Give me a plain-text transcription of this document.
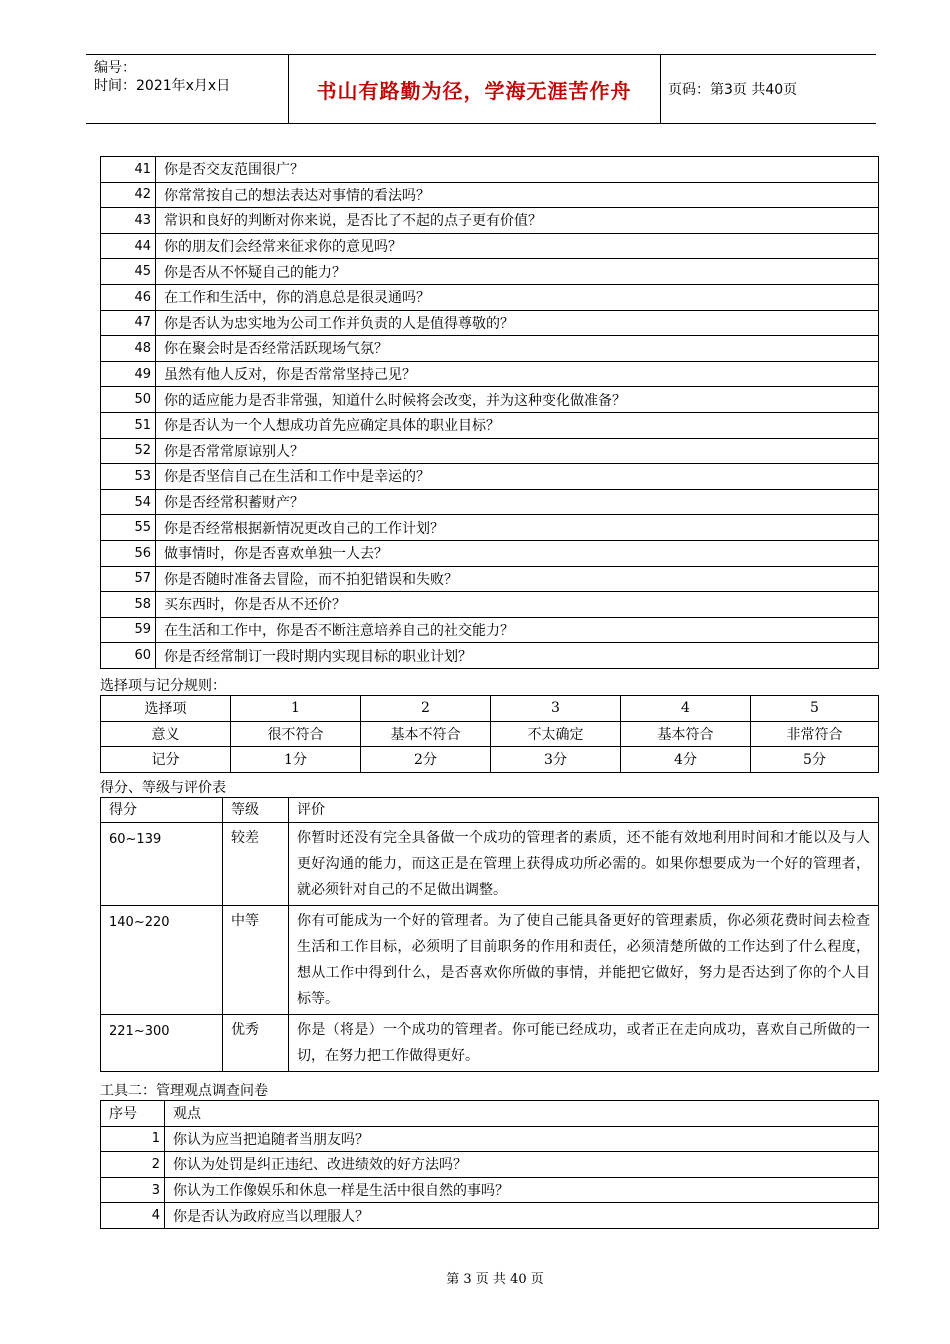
编号：
时间：2021年x月x日	书山有路勤为径，学海无涯苦作舟	页码：第3页 共40页
41	你是否交友范围很广？
42	你常常按自己的想法表达对事情的看法吗？
43	常识和良好的判断对你来说，是否比了不起的点子更有价值？
44	你的朋友们会经常来征求你的意见吗？
45	你是否从不怀疑自己的能力？
46	在工作和生活中，你的消息总是很灵通吗？
47	你是否认为忠实地为公司工作并负责的人是值得尊敬的？
48	你在聚会时是否经常活跃现场气氛？
49	虽然有他人反对，你是否常常坚持己见？
50	你的适应能力是否非常强，知道什么时候将会改变，并为这种变化做准备？
51	你是否认为一个人想成功首先应确定具体的职业目标？
52	你是否常常原谅别人？
53	你是否坚信自己在生活和工作中是幸运的？
54	你是否经常积蓄财产？
55	你是否经常根据新情况更改自己的工作计划？
56	做事情时，你是否喜欢单独一人去？
57	你是否随时准备去冒险，而不拍犯错误和失败？
58	买东西时，你是否从不还价？
59	在生活和工作中，你是否不断注意培养自己的社交能力？
60	你是否经常制订一段时期内实现目标的职业计划？
选择项与记分规则：
选择项	1	2	3	4	5
意义	很不符合	基本不符合	不太确定	基本符合	非常符合
记分	1分	2分	3分	4分	5分
得分、等级与评价表
得分	等级	评价
60~139	较差	你暂时还没有完全具备做一个成功的管理者的素质，还不能有效地利用时间和才能以及与人更好沟通的能力，而这正是在管理上获得成功所必需的。如果你想要成为一个好的管理者，就必须针对自己的不足做出调整。
140~220	中等	你有可能成为一个好的管理者。为了使自己能具备更好的管理素质，你必须花费时间去检查生活和工作目标，必须明了目前职务的作用和责任，必须清楚所做的工作达到了什么程度，想从工作中得到什么，是否喜欢你所做的事情，并能把它做好，努力是否达到了你的个人目标等。
221~300	优秀	你是（将是）一个成功的管理者。你可能已经成功，或者正在走向成功，喜欢自己所做的一切，在努力把工作做得更好。
工具二：管理观点调查问卷
序号	观点
1	你认为应当把追随者当朋友吗？
2	你认为处罚是纠正违纪、改进绩效的好方法吗？
3	你认为工作像娱乐和休息一样是生活中很自然的事吗？
4	你是否认为政府应当以理服人？
第 3 页 共 40 页
